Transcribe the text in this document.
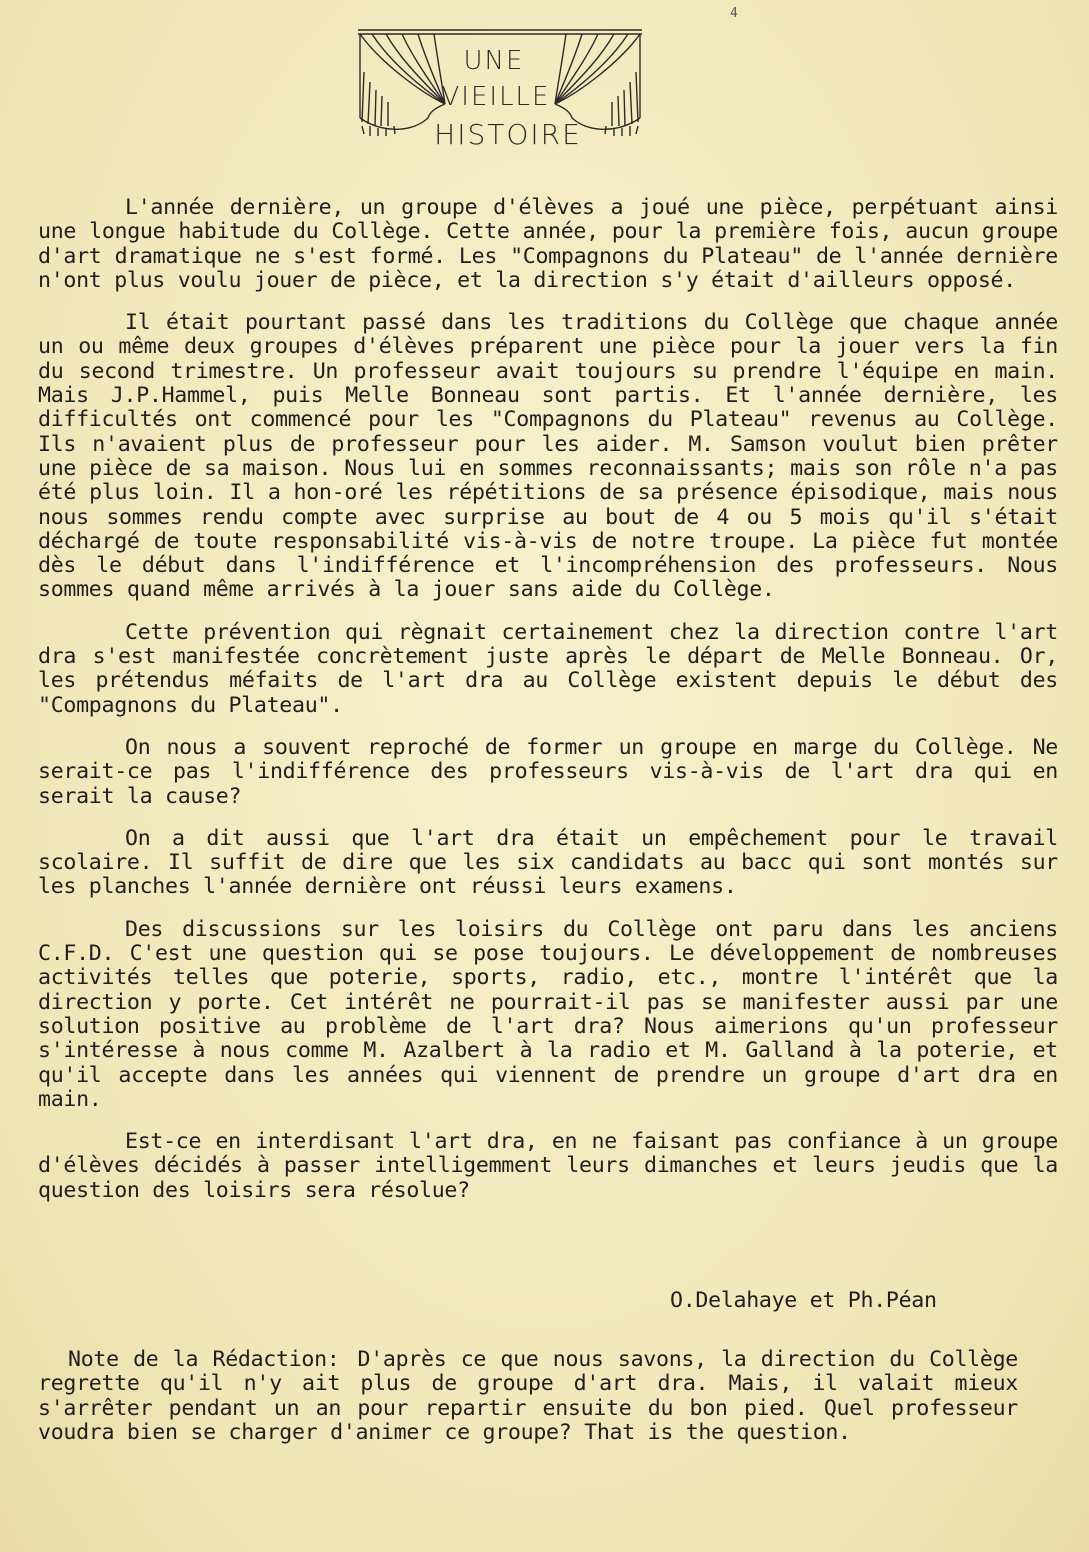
4
UNE
VIEILLE
HISTOIRE

L'année dernière, un groupe d'élèves a joué une pièce, perpétuant ainsi une longue habitude du Collège. Cette année, pour la première fois, aucun groupe d'art dramatique ne s'est formé. Les "Compagnons du Plateau" de l'année dernière n'ont plus voulu jouer de pièce, et la direction s'y était d'ailleurs opposé.

Il était pourtant passé dans les traditions du Collège que chaque année un ou même deux groupes d'élèves préparent une pièce pour la jouer vers la fin du second trimestre. Un professeur avait toujours su prendre l'équipe en main. Mais J.P.Hammel, puis Melle Bonneau sont partis. Et l'année dernière, les difficultés ont commencé pour les "Compagnons du Plateau" revenus au Collège. Ils n'avaient plus de professeur pour les aider. M. Samson voulut bien prêter une pièce de sa maison. Nous lui en sommes reconnaissants; mais son rôle n'a pas été plus loin. Il a hon-oré les répétitions de sa présence épisodique, mais nous nous sommes rendu compte avec surprise au bout de 4 ou 5 mois qu'il s'était déchargé de toute responsabilité vis-à-vis de notre troupe. La pièce fut montée dès le début dans l'indifférence et l'incompréhension des professeurs. Nous sommes quand même arrivés à la jouer sans aide du Collège.

Cette prévention qui règnait certainement chez la direction contre l'art dra s'est manifestée concrètement juste après le départ de Melle Bonneau. Or, les prétendus méfaits de l'art dra au Collège existent depuis le début des "Compagnons du Plateau".

On nous a souvent reproché de former un groupe en marge du Collège. Ne serait-ce pas l'indifférence des professeurs vis-à-vis de l'art dra qui en serait la cause?

On a dit aussi que l'art dra était un empêchement pour le travail scolaire. Il suffit de dire que les six candidats au bacc qui sont montés sur les planches l'année dernière ont réussi leurs examens.

Des discussions sur les loisirs du Collège ont paru dans les anciens C.F.D. C'est une question qui se pose toujours. Le développement de nombreuses activités telles que poterie, sports, radio, etc., montre l'intérêt que la direction y porte. Cet intérêt ne pourrait-il pas se manifester aussi par une solution positive au problème de l'art dra? Nous aimerions qu'un professeur s'intéresse à nous comme M. Azalbert à la radio et M. Galland à la poterie, et qu'il accepte dans les années qui viennent de prendre un groupe d'art dra en main.

Est-ce en interdisant l'art dra, en ne faisant pas confiance à un groupe d'élèves décidés à passer intelligemment leurs dimanches et leurs jeudis que la question des loisirs sera résolue?

O.Delahaye et Ph.Péan
Note de la Rédaction: D'après ce que nous savons, la direction du Collège regrette qu'il n'y ait plus de groupe d'art dra. Mais, il valait mieux s'arrêter pendant un an pour repartir ensuite du bon pied. Quel professeur voudra bien se charger d'animer ce groupe? That is the question.
